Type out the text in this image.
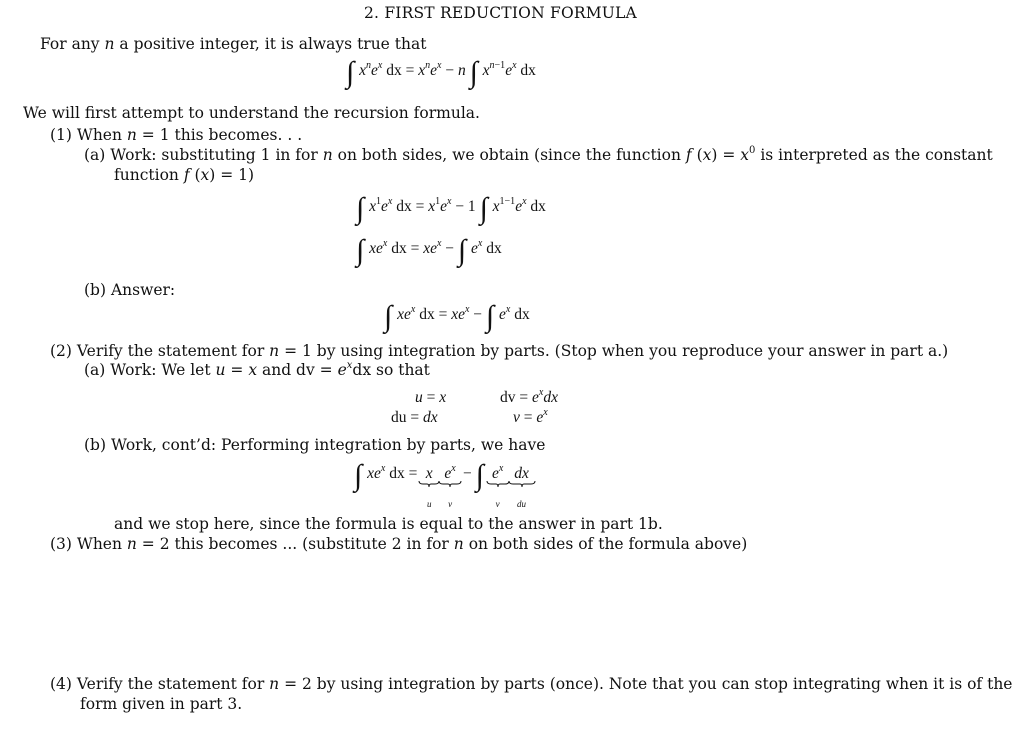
2. FIRST REDUCTION FORMULA
For any n a positive integer, it is always true that
∫ $x^ne^x$ dx = $x^ne^x - n$ ∫ $x^{n-1}e^x$ dx
We will first attempt to understand the recursion formula.
(1) When n = 1 this becomes. . .
(a) Work: substituting 1 in for n on both sides, we obtain (since the function f $(x) = x^0$ is interpreted as the constant
function f (x) = 1)
∫ $x^1e^x$ dx = $x^1e^x - 1$ ∫ $x^{1-1}e^x$ dx
∫ $xe^x$ dx = $xe^x$ − ∫ $e^x$ dx
(b) Answer:
∫ $xe^x$ dx = $xe^x$ − ∫ $e^x$ dx
(2) Verify the statement for n = 1 by using integration by parts. (Stop when you reproduce your answer in part a.)
(a) Work: We let u = x and dv = $e^xdx$ so that
u = x	dv = $e^xdx$
du = dx	$v = e^x$
(b) Work, cont’d: Performing integration by parts, we have
∫ $xe^x$ dx = x
u
$e^x$
v
− ∫ $e^x$
v
dx
du
and we stop here, since the formula is equal to the answer in part 1b.
(3) When n = 2 this becomes ... (substitute 2 in for n on both sides of the formula above)
(4) Verify the statement for n = 2 by using integration by parts (once). Note that you can stop integrating when it is of the
form given in part 3.
